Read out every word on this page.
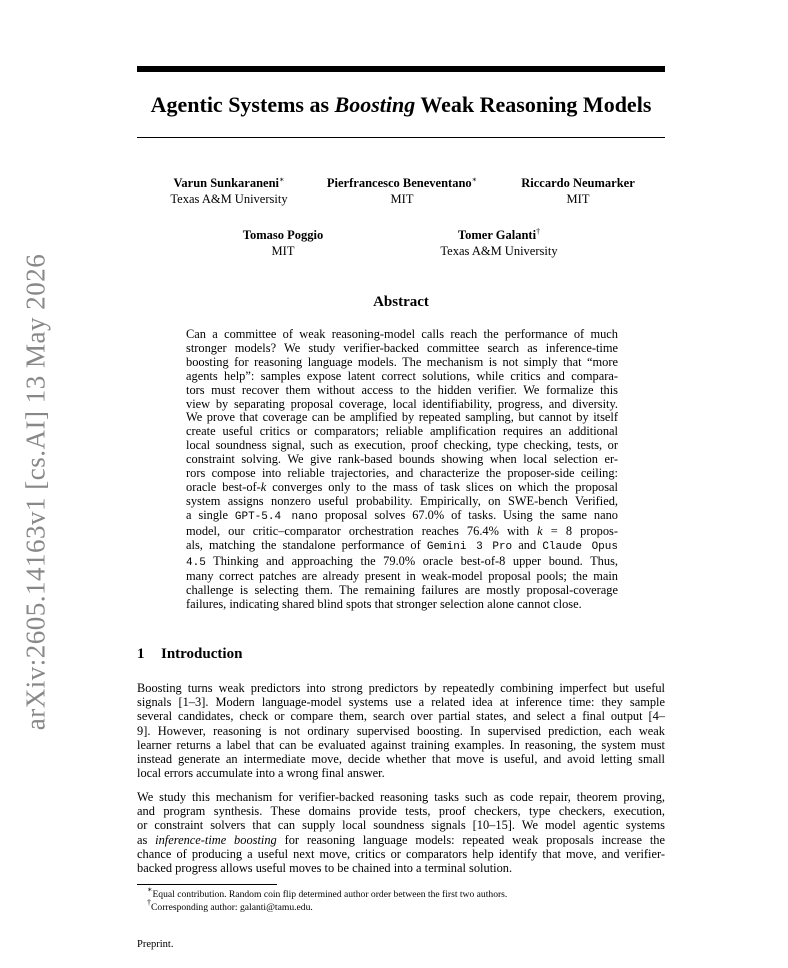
arXiv:2605.14163v1 [cs.AI] 13 May 2026
Agentic Systems as Boosting Weak Reasoning Models
Varun Sunkaraneni∗
Texas A&M University
Pierfrancesco Beneventano∗
MIT
Riccardo Neumarker
MIT
Tomaso Poggio
MIT
Tomer Galanti†
Texas A&M University
Abstract
Can a committee of weak reasoning-model calls reach the performance of much
stronger models? We study verifier-backed committee search as inference-time
boosting for reasoning language models. The mechanism is not simply that “more
agents help”: samples expose latent correct solutions, while critics and compara-
tors must recover them without access to the hidden verifier. We formalize this
view by separating proposal coverage, local identifiability, progress, and diversity.
We prove that coverage can be amplified by repeated sampling, but cannot by itself
create useful critics or comparators; reliable amplification requires an additional
local soundness signal, such as execution, proof checking, type checking, tests, or
constraint solving. We give rank-based bounds showing when local selection er-
rors compose into reliable trajectories, and characterize the proposer-side ceiling:
oracle best-of-k converges only to the mass of task slices on which the proposal
system assigns nonzero useful probability. Empirically, on SWE-bench Verified,
a single GPT-5.4 nano proposal solves 67.0% of tasks. Using the same nano
model, our critic–comparator orchestration reaches 76.4% with k = 8 propos-
als, matching the standalone performance of Gemini 3 Pro and Claude Opus
4.5 Thinking and approaching the 79.0% oracle best-of-8 upper bound. Thus,
many correct patches are already present in weak-model proposal pools; the main
challenge is selecting them. The remaining failures are mostly proposal-coverage
failures, indicating shared blind spots that stronger selection alone cannot close.
1 Introduction
Boosting turns weak predictors into strong predictors by repeatedly combining imperfect but useful
signals [1–3]. Modern language-model systems use a related idea at inference time: they sample
several candidates, check or compare them, search over partial states, and select a final output [4–
9]. However, reasoning is not ordinary supervised boosting. In supervised prediction, each weak
learner returns a label that can be evaluated against training examples. In reasoning, the system must
instead generate an intermediate move, decide whether that move is useful, and avoid letting small
local errors accumulate into a wrong final answer.
We study this mechanism for verifier-backed reasoning tasks such as code repair, theorem proving,
and program synthesis. These domains provide tests, proof checkers, type checkers, execution,
or constraint solvers that can supply local soundness signals [10–15]. We model agentic systems
as inference-time boosting for reasoning language models: repeated weak proposals increase the
chance of producing a useful next move, critics or comparators help identify that move, and verifier-
backed progress allows useful moves to be chained into a terminal solution.
∗Equal contribution. Random coin flip determined author order between the first two authors.
†Corresponding author: galanti@tamu.edu.
Preprint.
